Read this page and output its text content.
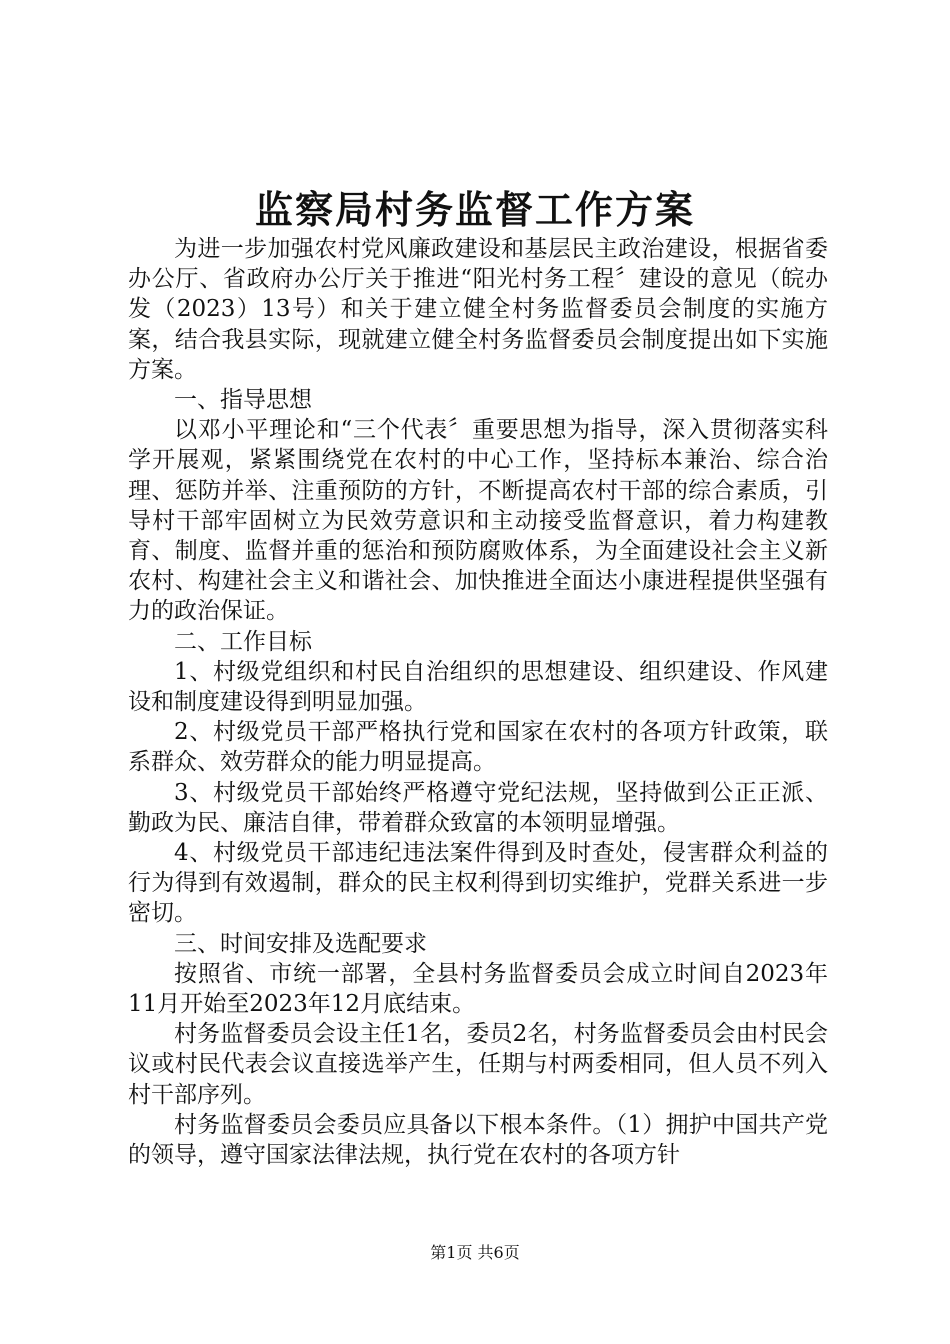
监察局村务监督工作方案

为进一步加强农村党风廉政建设和基层民主政治建设，根据省委办公厅、省政府办公厅关于推进“阳光村务工程〞建设的意见（皖办发（2023）13号）和关于建立健全村务监督委员会制度的实施方案，结合我县实际，现就建立健全村务监督委员会制度提出如下实施方案。

一、指导思想

以邓小平理论和“三个代表〞重要思想为指导，深入贯彻落实科学开展观，紧紧围绕党在农村的中心工作，坚持标本兼治、综合治理、惩防并举、注重预防的方针，不断提高农村干部的综合素质，引导村干部牢固树立为民效劳意识和主动接受监督意识，着力构建教育、制度、监督并重的惩治和预防腐败体系，为全面建设社会主义新农村、构建社会主义和谐社会、加快推进全面达小康进程提供坚强有力的政治保证。

二、工作目标

1、村级党组织和村民自治组织的思想建设、组织建设、作风建设和制度建设得到明显加强。

2、村级党员干部严格执行党和国家在农村的各项方针政策，联系群众、效劳群众的能力明显提高。

3、村级党员干部始终严格遵守党纪法规，坚持做到公正正派、勤政为民、廉洁自律，带着群众致富的本领明显增强。

4、村级党员干部违纪违法案件得到及时查处，侵害群众利益的行为得到有效遏制，群众的民主权利得到切实维护，党群关系进一步密切。

三、时间安排及选配要求

按照省、市统一部署，全县村务监督委员会成立时间自2023年11月开始至2023年12月底结束。

村务监督委员会设主任1名，委员2名，村务监督委员会由村民会议或村民代表会议直接选举产生，任期与村两委相同，但人员不列入村干部序列。

村务监督委员会委员应具备以下根本条件。（1）拥护中国共产党的领导，遵守国家法律法规，执行党在农村的各项方针

第1页 共6页
